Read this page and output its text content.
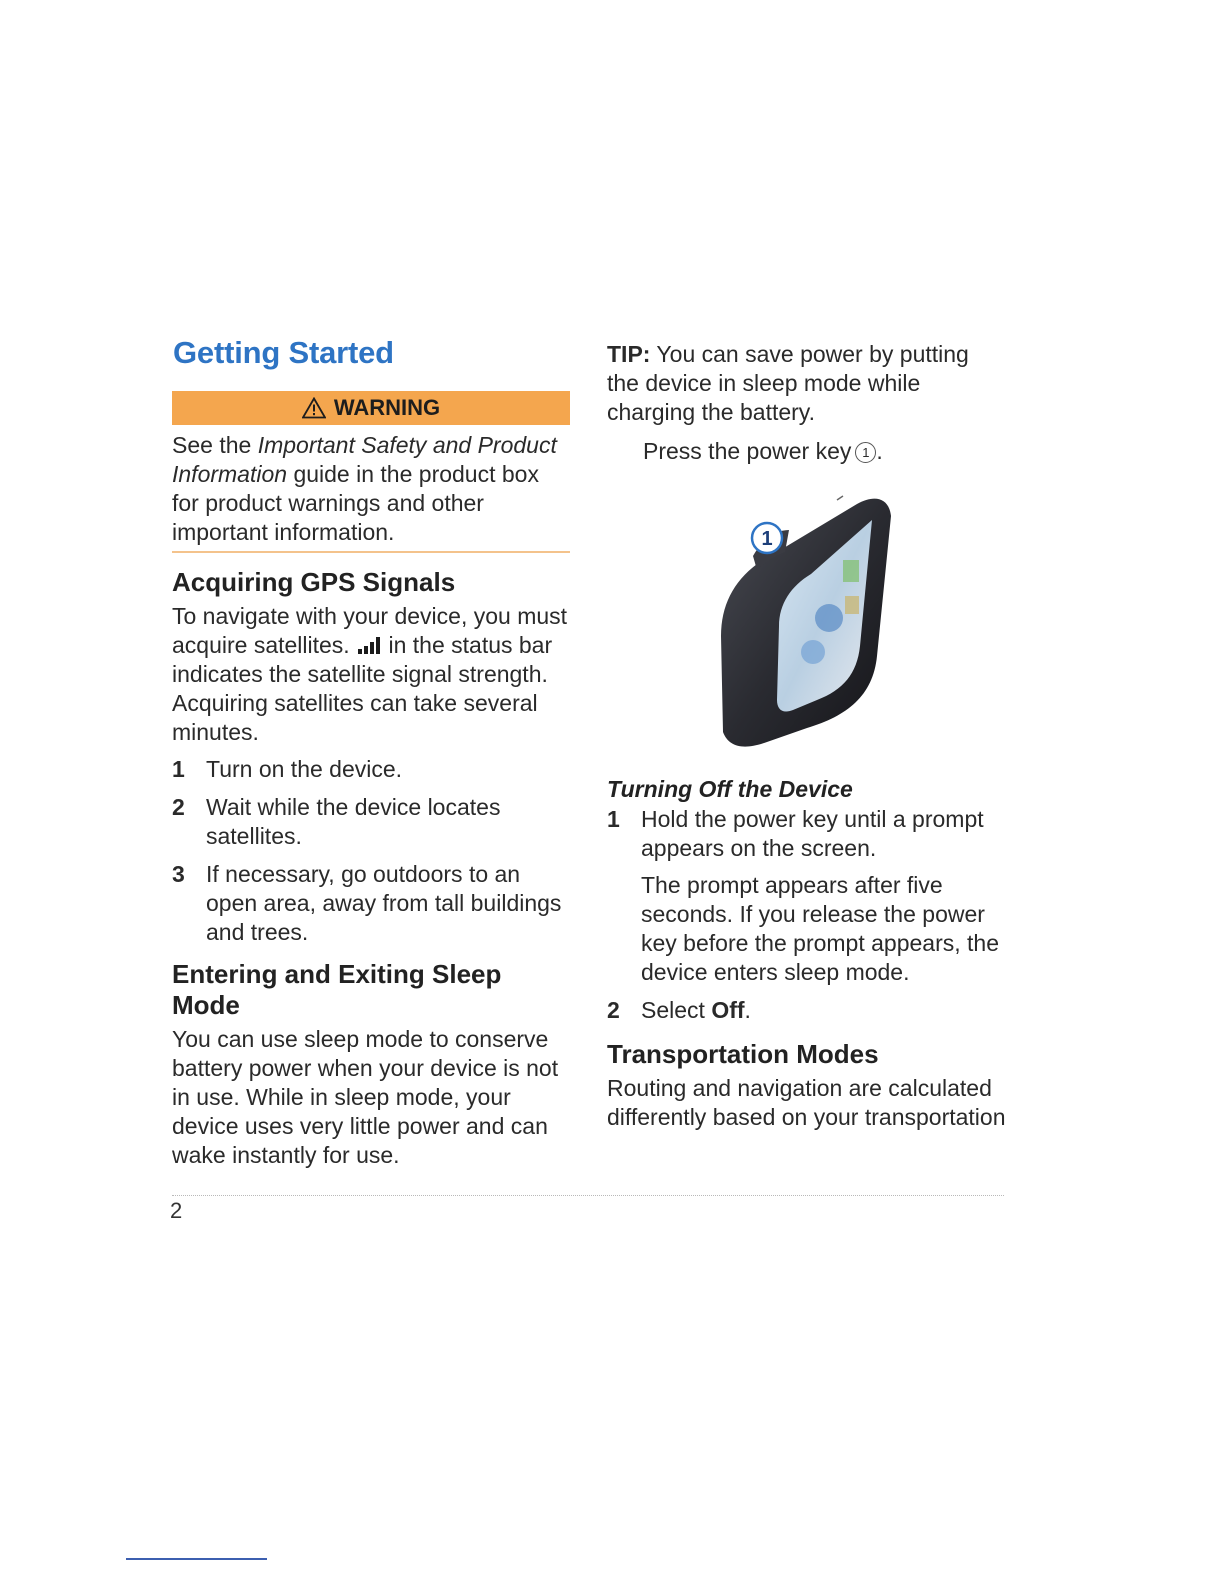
Getting Started
WARNING

See the Important Safety and Product Information guide in the product box for product warnings and other important information.

Acquiring GPS Signals

To navigate with your device, you must acquire satellites.
in the status bar indicates the satellite signal strength. Acquiring satellites can take several minutes.

1 Turn on the device.
2 Wait while the device locates satellites.
3 If necessary, go outdoors to an open area, away from tall buildings and trees.
Entering and Exiting Sleep Mode

You can use sleep mode to conserve battery power when your device is not in use. While in sleep mode, your device uses very little power and can wake instantly for use.

TIP: You can save power by putting the device in sleep mode while charging the battery.

Press the power key 1 .

1
Turning Off the Device
1 Hold the power key until a prompt appears on the screen.
The prompt appears after five seconds. If you release the power key before the prompt appears, the device enters sleep mode.
2 Select Off.
Transportation Modes

Routing and navigation are calculated differently based on your transportation

2
